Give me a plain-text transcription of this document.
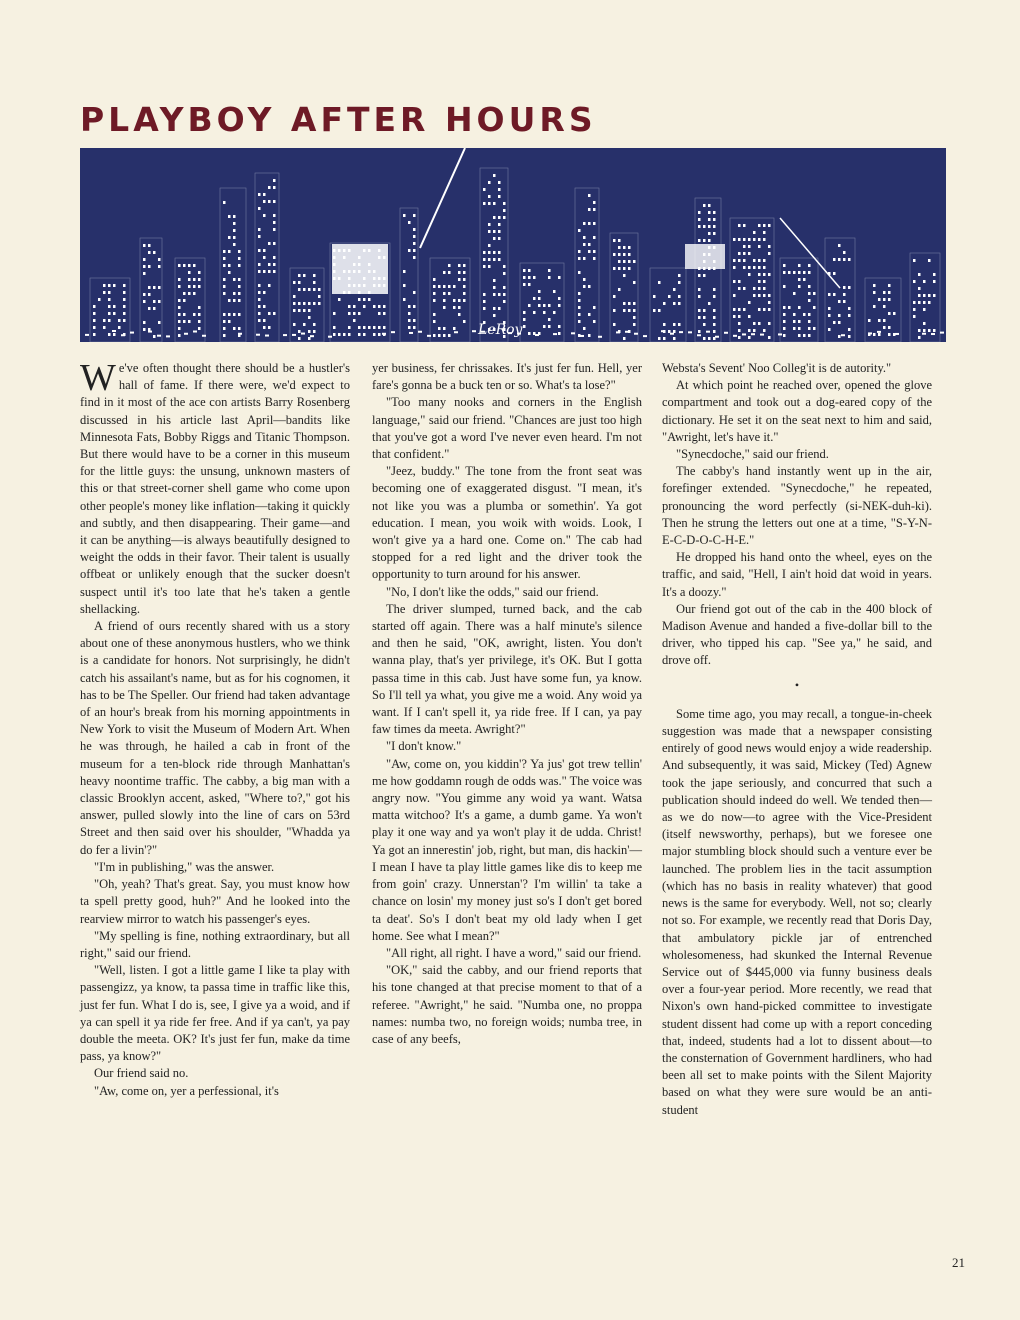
PLAYBOY AFTER HOURS
LeRoy

We've often thought there should be a hustler's hall of fame. If there were, we'd expect to find in it most of the ace con artists Barry Rosenberg discussed in his article last April—bandits like Minnesota Fats, Bobby Riggs and Titanic Thompson. But there would have to be a corner in this museum for the little guys: the unsung, unknown masters of this or that street-corner shell game who come upon other people's money like inflation—taking it quickly and subtly, and then disappearing. Their game—and it can be anything—is always beautifully designed to weight the odds in their favor. Their talent is usually offbeat or unlikely enough that the sucker doesn't suspect until it's too late that he's taken a gentle shellacking.

A friend of ours recently shared with us a story about one of these anonymous hustlers, who we think is a candidate for honors. Not surprisingly, he didn't catch his assailant's name, but as for his cognomen, it has to be The Speller. Our friend had taken advantage of an hour's break from his morning appointments in New York to visit the Museum of Modern Art. When he was through, he hailed a cab in front of the museum for a ten-block ride through Manhattan's heavy noontime traffic. The cabby, a big man with a classic Brooklyn accent, asked, "Where to?," got his answer, pulled slowly into the line of cars on 53rd Street and then said over his shoulder, "Whadda ya do fer a livin'?"

"I'm in publishing," was the answer.

"Oh, yeah? That's great. Say, you must know how ta spell pretty good, huh?" And he looked into the rearview mirror to watch his passenger's eyes.

"My spelling is fine, nothing extraordinary, but all right," said our friend.

"Well, listen. I got a little game I like ta play with passengizz, ya know, ta passa time in traffic like this, just fer fun. What I do is, see, I give ya a woid, and if ya can spell it ya ride fer free. And if ya can't, ya pay double the meeta. OK? It's just fer fun, make da time pass, ya know?"

Our friend said no.

"Aw, come on, yer a perfessional, it's

yer business, fer chrissakes. It's just fer fun. Hell, yer fare's gonna be a buck ten or so. What's ta lose?"

"Too many nooks and corners in the English language," said our friend. "Chances are just too high that you've got a word I've never even heard. I'm not that confident."

"Jeez, buddy." The tone from the front seat was becoming one of exaggerated disgust. "I mean, it's not like you was a plumba or somethin'. Ya got education. I mean, you woik with woids. Look, I won't give ya a hard one. Come on." The cab had stopped for a red light and the driver took the opportunity to turn around for his answer.

"No, I don't like the odds," said our friend.

The driver slumped, turned back, and the cab started off again. There was a half minute's silence and then he said, "OK, awright, listen. You don't wanna play, that's yer privilege, it's OK. But I gotta passa time in this cab. Just have some fun, ya know. So I'll tell ya what, you give me a woid. Any woid ya want. If I can't spell it, ya ride free. If I can, ya pay faw times da meeta. Awright?"

"I don't know."

"Aw, come on, you kiddin'? Ya jus' got trew tellin' me how goddamn rough de odds was." The voice was angry now. "You gimme any woid ya want. Watsa matta witchoo? It's a game, a dumb game. Ya won't play it one way and ya won't play it de udda. Christ! Ya got an innerestin' job, right, but man, dis hackin'—I mean I have ta play little games like dis to keep me from goin' crazy. Unnerstan'? I'm willin' ta take a chance on losin' my money just so's I don't get bored ta deat'. So's I don't beat my old lady when I get home. See what I mean?"

"All right, all right. I have a word," said our friend.

"OK," said the cabby, and our friend reports that his tone changed at that precise moment to that of a referee. "Awright," he said. "Numba one, no proppa names: numba two, no foreign woids; numba tree, in case of any beefs,

Websta's Sevent' Noo Colleg'it is de autority."

At which point he reached over, opened the glove compartment and took out a dog-eared copy of the dictionary. He set it on the seat next to him and said, "Awright, let's have it."

"Synecdoche," said our friend.

The cabby's hand instantly went up in the air, forefinger extended. "Synecdoche," he repeated, pronouncing the word perfectly (si-NEK-duh-ki). Then he strung the letters out one at a time, "S-Y-N-E-C-D-O-C-H-E."

He dropped his hand onto the wheel, eyes on the traffic, and said, "Hell, I ain't hoid dat woid in years. It's a doozy."

Our friend got out of the cab in the 400 block of Madison Avenue and handed a five-dollar bill to the driver, who tipped his cap. "See ya," he said, and drove off.

•

Some time ago, you may recall, a tongue-in-cheek suggestion was made that a newspaper consisting entirely of good news would enjoy a wide readership. And subsequently, it was said, Mickey (Ted) Agnew took the jape seriously, and concurred that such a publication should indeed do well. We tended then—as we do now—to agree with the Vice-President (itself newsworthy, perhaps), but we foresee one major stumbling block should such a venture ever be launched. The problem lies in the tacit assumption (which has no basis in reality whatever) that good news is the same for everybody. Well, not so; clearly not so. For example, we recently read that Doris Day, that ambulatory pickle jar of entrenched wholesomeness, had skunked the Internal Revenue Service out of $445,000 via funny business deals over a four-year period. More recently, we read that Nixon's own hand-picked committee to investigate student dissent had come up with a report conceding that, indeed, students had a lot to dissent about—to the consternation of Government hardliners, who had been all set to make points with the Silent Majority based on what they were sure would be an anti-student

21
